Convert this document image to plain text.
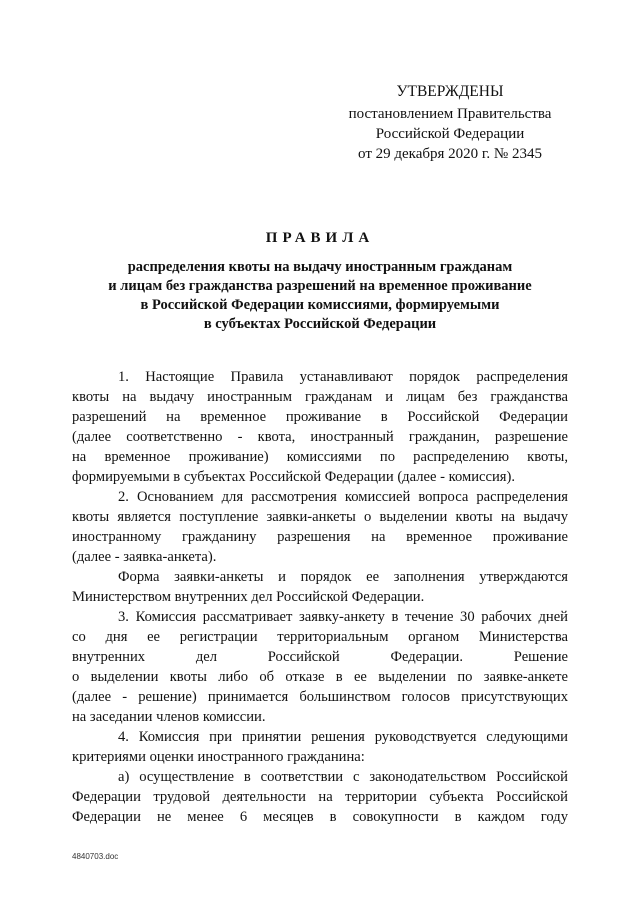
УТВЕРЖДЕНЫ
постановлением Правительства
Российской Федерации
от 29 декабря 2020 г. № 2345
ПРАВИЛА
распределения квоты на выдачу иностранным гражданам
и лицам без гражданства разрешений на временное проживание
в Российской Федерации комиссиями, формируемыми
в субъектах Российской Федерации
1. Настоящие Правила устанавливают порядок распределения
квоты на выдачу иностранным гражданам и лицам без гражданства
разрешений на временное проживание в Российской Федерации
(далее соответственно - квота, иностранный гражданин, разрешение
на временное проживание) комиссиями по распределению квоты,
формируемыми в субъектах Российской Федерации (далее - комиссия).
2. Основанием для рассмотрения комиссией вопроса распределения
квоты является поступление заявки-анкеты о выделении квоты на выдачу
иностранному гражданину разрешения на временное проживание
(далее - заявка-анкета).
Форма заявки-анкеты и порядок ее заполнения утверждаются
Министерством внутренних дел Российской Федерации.
3. Комиссия рассматривает заявку-анкету в течение 30 рабочих дней
со дня ее регистрации территориальным органом Министерства
внутренних дел Российской Федерации. Решение
о выделении квоты либо об отказе в ее выделении по заявке-анкете
(далее - решение) принимается большинством голосов присутствующих
на заседании членов комиссии.
4. Комиссия при принятии решения руководствуется следующими
критериями оценки иностранного гражданина:
а) осуществление в соответствии с законодательством Российской
Федерации трудовой деятельности на территории субъекта Российской
Федерации не менее 6 месяцев в совокупности в каждом году
4840703.doc
